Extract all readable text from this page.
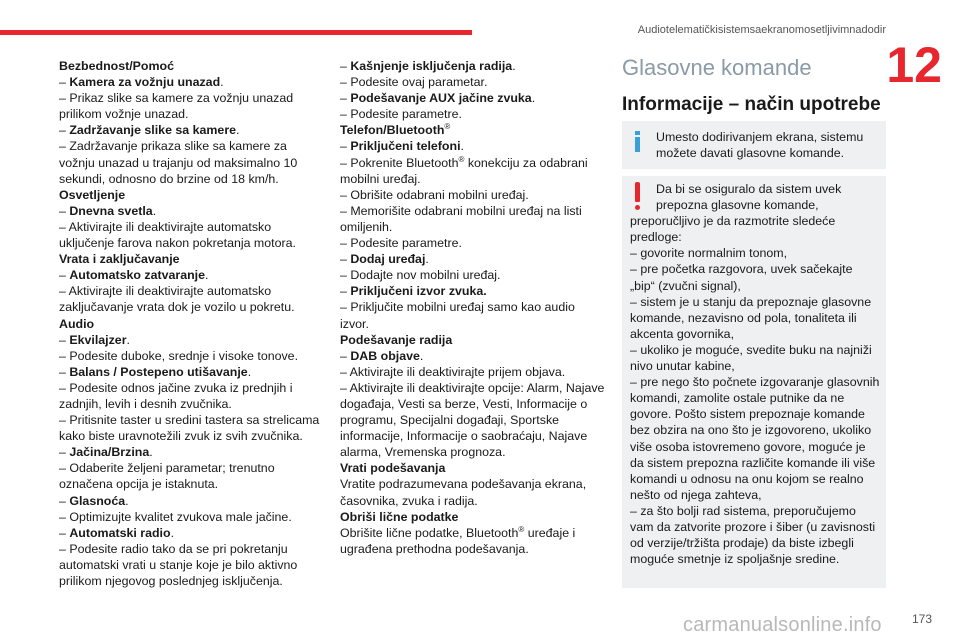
Audiotelematičkisistemsaekranomosetljivimnadodir
12

Bezbednost/Pomoć

– Kamera za vožnju unazad.

– Prikaz slike sa kamere za vožnju unazad prilikom vožnje unazad.

– Zadržavanje slike sa kamere.

– Zadržavanje prikaza slike sa kamere za vožnju unazad u trajanju od maksimalno 10 sekundi, odnosno do brzine od 18 km/h.

Osvetljenje

– Dnevna svetla.

– Aktivirajte ili deaktivirajte automatsko uključenje farova nakon pokretanja motora.

Vrata i zaključavanje

– Automatsko zatvaranje.

– Aktivirajte ili deaktivirajte automatsko zaključavanje vrata dok je vozilo u pokretu.

Audio

– Ekvilajzer.

– Podesite duboke, srednje i visoke tonove.

– Balans / Postepeno utišavanje.

– Podesite odnos jačine zvuka iz prednjih i zadnjih, levih i desnih zvučnika.

– Pritisnite taster u sredini tastera sa strelicama kako biste uravnotežili zvuk iz svih zvučnika.

– Jačina/Brzina.

– Odaberite željeni parametar; trenutno označena opcija je istaknuta.

– Glasnoća.

– Optimizujte kvalitet zvukova male jačine.

– Automatski radio.

– Podesite radio tako da se pri pokretanju automatski vrati u stanje koje je bilo aktivno prilikom njegovog poslednjeg isključenja.

– Kašnjenje isključenja radija.

– Podesite ovaj parametar.

– Podešavanje AUX jačine zvuka.

– Podesite parametre.

Telefon/Bluetooth®

– Priključeni telefoni.

– Pokrenite Bluetooth® konekciju za odabrani mobilni uređaj.

– Obrišite odabrani mobilni uređaj.

– Memorišite odabrani mobilni uređaj na listi omiljenih.

– Podesite parametre.

– Dodaj uređaj.

– Dodajte nov mobilni uređaj.

– Priključeni izvor zvuka.

– Priključite mobilni uređaj samo kao audio izvor.

Podešavanje radija

– DAB objave.

– Aktivirajte ili deaktivirajte prijem objava.

– Aktivirajte ili deaktivirajte opcije: Alarm, Najave događaja, Vesti sa berze, Vesti, Informacije o programu, Specijalni događaji, Sportske informacije, Informacije o saobraćaju, Najave alarma, Vremenska prognoza.

Vrati podešavanja

Vratite podrazumevana podešavanja ekrana, časovnika, zvuka i radija.

Obriši lične podatke

Obrišite lične podatke, Bluetooth® uređaje i ugrađena prethodna podešavanja.

Glasovne komande
Informacije – način upotrebe
Umesto dodirivanjem ekrana, sistemu možete davati glasovne komande.

Da bi se osiguralo da sistem uvek prepozna glasovne komande,

preporučljivo je da razmotrite sledeće predloge:

– govorite normalnim tonom,

– pre početka razgovora, uvek sačekajte „bip“ (zvučni signal),

– sistem je u stanju da prepoznaje glasovne komande, nezavisno od pola, tonaliteta ili akcenta govornika,

– ukoliko je moguće, svedite buku na najniži nivo unutar kabine,

– pre nego što počnete izgovaranje glasovnih komandi, zamolite ostale putnike da ne govore. Pošto sistem prepoznaje komande bez obzira na ono što je izgovoreno, ukoliko više osoba istovremeno govore, moguće je da sistem prepozna različite komande ili više komandi u odnosu na onu kojom se realno nešto od njega zahteva,

– za što bolji rad sistema, preporučujemo vam da zatvorite prozore i šiber (u zavisnosti od verzije/tržišta prodaje) da biste izbegli moguće smetnje iz spoljašnje sredine.

173
carmanualsonline.info
